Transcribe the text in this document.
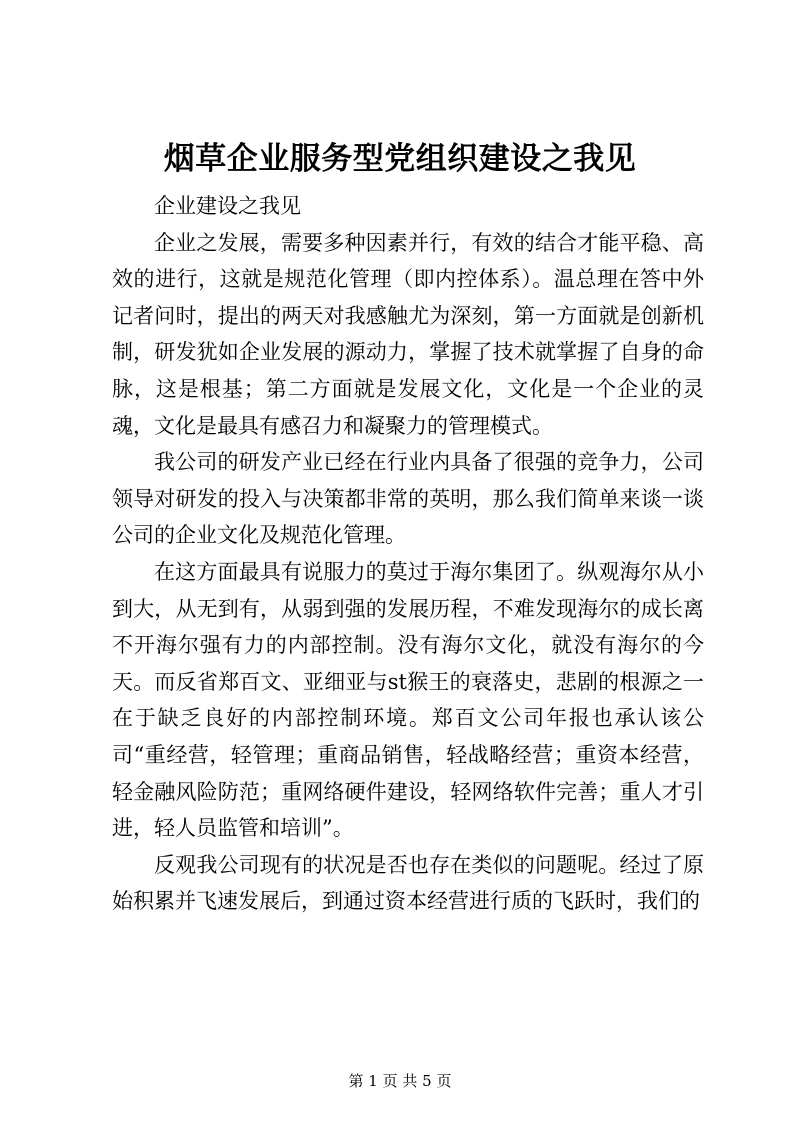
烟草企业服务型党组织建设之我见

企业建设之我见

企业之发展，需要多种因素并行，有效的结合才能平稳、高效的进行，这就是规范化管理（即内控体系）。温总理在答中外记者问时，提出的两天对我感触尤为深刻，第一方面就是创新机制，研发犹如企业发展的源动力，掌握了技术就掌握了自身的命脉，这是根基；第二方面就是发展文化，文化是一个企业的灵魂，文化是最具有感召力和凝聚力的管理模式。

我公司的研发产业已经在行业内具备了很强的竞争力，公司领导对研发的投入与决策都非常的英明，那么我们简单来谈一谈公司的企业文化及规范化管理。

在这方面最具有说服力的莫过于海尔集团了。纵观海尔从小到大，从无到有，从弱到强的发展历程，不难发现海尔的成长离不开海尔强有力的内部控制。没有海尔文化，就没有海尔的今天。而反省郑百文、亚细亚与st猴王的衰落史，悲剧的根源之一在于缺乏良好的内部控制环境。郑百文公司年报也承认该公司“重经营，轻管理；重商品销售，轻战略经营；重资本经营，轻金融风险防范；重网络硬件建设，轻网络软件完善；重人才引进，轻人员监管和培训”。

反观我公司现有的状况是否也存在类似的问题呢。经过了原始积累并飞速发展后，到通过资本经营进行质的飞跃时，我们的

第 1 页 共 5 页
